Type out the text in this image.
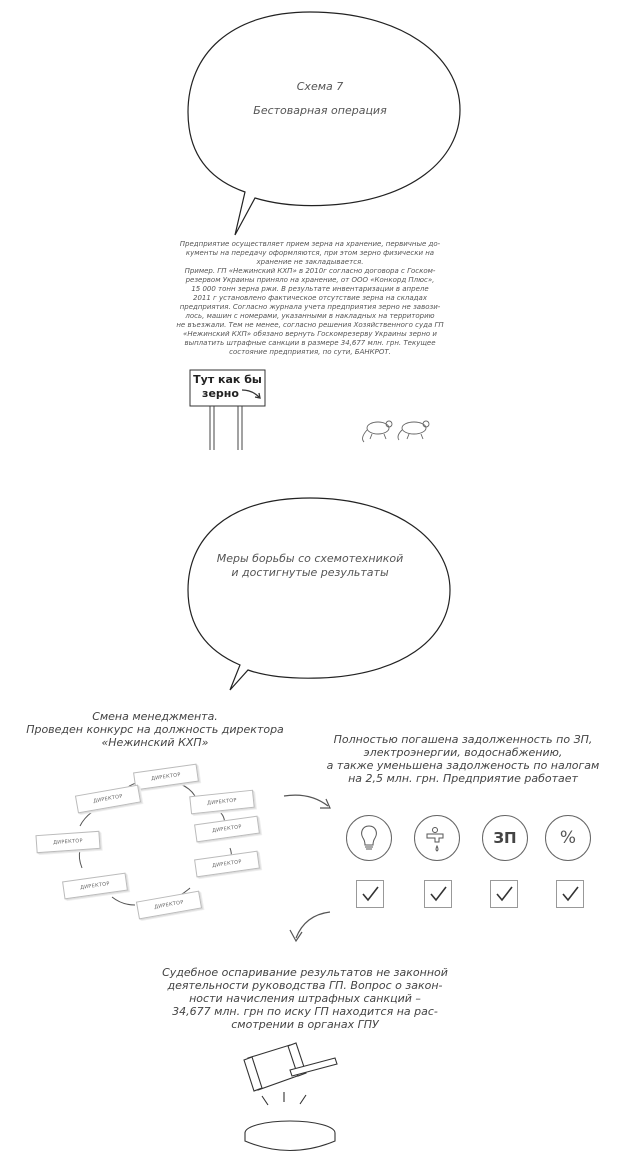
Схема 7
Бестоварная операция
Предприятие осуществляет прием зерна на хранение, первичные до-
кументы на передачу оформляются, при этом зерно физически на
хранение не закладывается.
Пример. ГП «Нежинский КХП» в 2010г согласно договора с Госком-
резервом Украины приняло на хранение, от ООО «Конкорд Плюс»,
15 000 тонн зерна ржи. В результате инвентаризации в апреле
2011 г установлено фактическое отсутствие зерна на складах
предприятия. Согласно журнала учета предприятия зерно не завози-
лось, машин с номерами, указанными в накладных на территорию
не въезжали. Тем не менее, согласно решения Хозяйственного суда ГП
«Нежинский КХП» обязано вернуть Госкомрезерву Украины зерно и
выплатить штрафные санкции в размере 34,677 млн. грн. Текущее
состояние предприятия, по сути, БАНКРОТ.
Тут как бы
зерно
Меры борьбы со схемотехникой
и достигнутые результаты
Смена менеджмента.
Проведен конкурс на должность директора
«Нежинский КХП»
ДИРЕКТОР
ДИРЕКТОР	ДИРЕКТОР
ДИРЕКТОР
ДИРЕКТОР
ДИРЕКТОР
ДИРЕКТОР
ДИРЕКТОР
Полностью погашена задолженность по ЗП,
электроэнергии, водоснабжению,
а также уменьшена задолженость по налогам
на 2,5 млн. грн. Предприятие работает
ЗП	%
Судебное оспаривание результатов не законной
деятельности руководства ГП. Вопрос о закон-
ности начисления штрафных санкций –
34,677 млн. грн по иску ГП находится на рас-
смотрении в органах ГПУ
